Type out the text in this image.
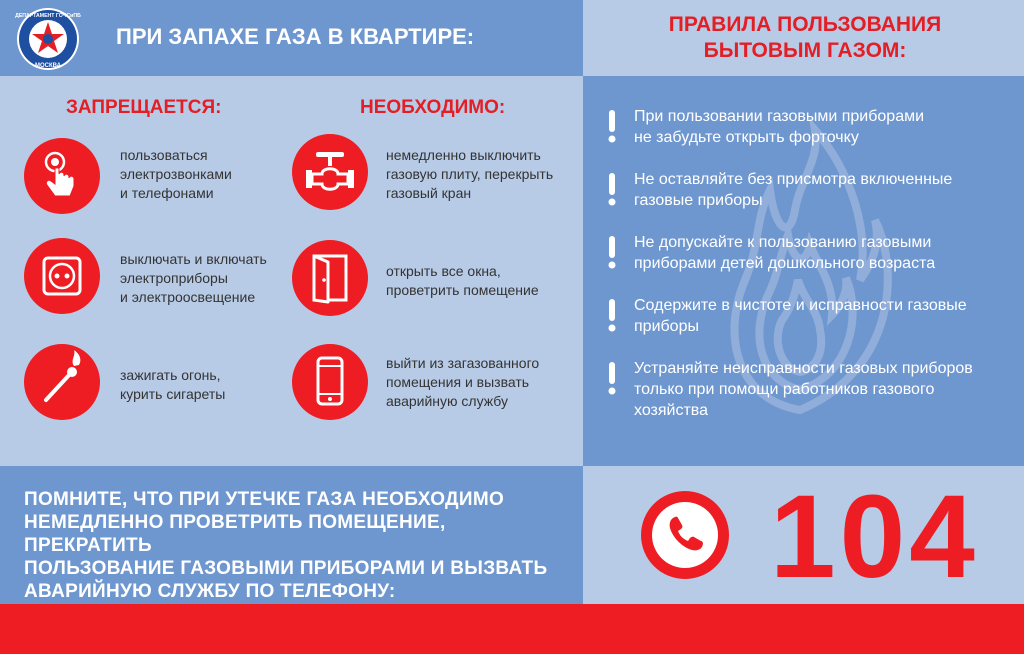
ДЕПАРТАМЕНТ ГОЧСиПБ
МОСКВА
ПРИ ЗАПАХЕ ГАЗА В КВАРТИРЕ:	ПРАВИЛА ПОЛЬЗОВАНИЯ
БЫТОВЫМ ГАЗОМ:
ЗАПРЕЩАЕТСЯ:	НЕОБХОДИМО:
пользоваться
электрозвонками
и телефонами
выключать и включать
электроприборы
и электроосвещение
зажигать огонь,
курить сигареты
немедленно выключить
газовую плиту, перекрыть
газовый кран
открыть все окна,
проветрить помещение
выйти из загазованного
помещения и вызвать
аварийную службу
При пользовании газовыми приборами
не забудьте открыть форточку
Не оставляйте без присмотра включенные
газовые приборы
Не допускайте к пользованию газовыми
приборами детей дошкольного возраста
Содержите в чистоте и исправности газовые
приборы
Устраняйте неисправности газовых приборов
только при помощи работников газового
хозяйства
ПОМНИТЕ, ЧТО ПРИ УТЕЧКЕ ГАЗА НЕОБХОДИМО
НЕМЕДЛЕННО ПРОВЕТРИТЬ ПОМЕЩЕНИЕ, ПРЕКРАТИТЬ
ПОЛЬЗОВАНИЕ ГАЗОВЫМИ ПРИБОРАМИ И ВЫЗВАТЬ
АВАРИЙНУЮ СЛУЖБУ ПО ТЕЛЕФОНУ:	104
